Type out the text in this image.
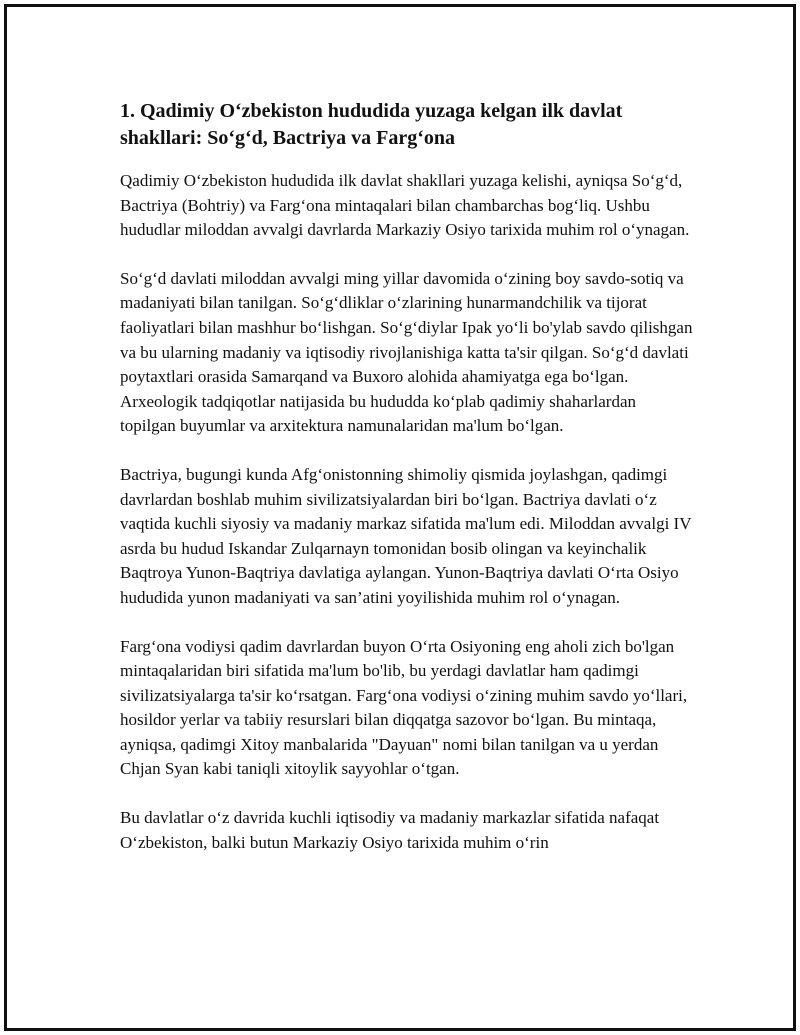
1. Qadimiy O‘zbekiston hududida yuzaga kelgan ilk davlat shakllari: So‘g‘d, Bactriya va Farg‘ona

Qadimiy O‘zbekiston hududida ilk davlat shakllari yuzaga kelishi, ayniqsa So‘g‘d, Bactriya (Bohtriy) va Farg‘ona mintaqalari bilan chambarchas bog‘liq. Ushbu hududlar miloddan avvalgi davrlarda Markaziy Osiyo tarixida muhim rol o‘ynagan.

So‘g‘d davlati miloddan avvalgi ming yillar davomida o‘zining boy savdo-sotiq va madaniyati bilan tanilgan. So‘g‘dliklar o‘zlarining hunarmandchilik va tijorat faoliyatlari bilan mashhur bo‘lishgan. So‘g‘diylar Ipak yo‘li bo'ylab savdo qilishgan va bu ularning madaniy va iqtisodiy rivojlanishiga katta ta'sir qilgan. So‘g‘d davlati poytaxtlari orasida Samarqand va Buxoro alohida ahamiyatga ega bo‘lgan. Arxeologik tadqiqotlar natijasida bu hududda ko‘plab qadimiy shaharlardan topilgan buyumlar va arxitektura namunalaridan ma'lum bo‘lgan.

Bactriya, bugungi kunda Afg‘onistonning shimoliy qismida joylashgan, qadimgi davrlardan boshlab muhim sivilizatsiyalardan biri bo‘lgan. Bactriya davlati o‘z vaqtida kuchli siyosiy va madaniy markaz sifatida ma'lum edi. Miloddan avvalgi IV asrda bu hudud Iskandar Zulqarnayn tomonidan bosib olingan va keyinchalik Baqtroya Yunon-Baqtriya davlatiga aylangan. Yunon-Baqtriya davlati O‘rta Osiyo hududida yunon madaniyati va san’atini yoyilishida muhim rol o‘ynagan.

Farg‘ona vodiysi qadim davrlardan buyon O‘rta Osiyoning eng aholi zich bo'lgan mintaqalaridan biri sifatida ma'lum bo'lib, bu yerdagi davlatlar ham qadimgi sivilizatsiyalarga ta'sir ko‘rsatgan. Farg‘ona vodiysi o‘zining muhim savdo yo‘llari, hosildor yerlar va tabiiy resurslari bilan diqqatga sazovor bo‘lgan. Bu mintaqa, ayniqsa, qadimgi Xitoy manbalarida "Dayuan" nomi bilan tanilgan va u yerdan Chjan Syan kabi taniqli xitoylik sayyohlar o‘tgan.

Bu davlatlar o‘z davrida kuchli iqtisodiy va madaniy markazlar sifatida nafaqat O‘zbekiston, balki butun Markaziy Osiyo tarixida muhim o‘rin
